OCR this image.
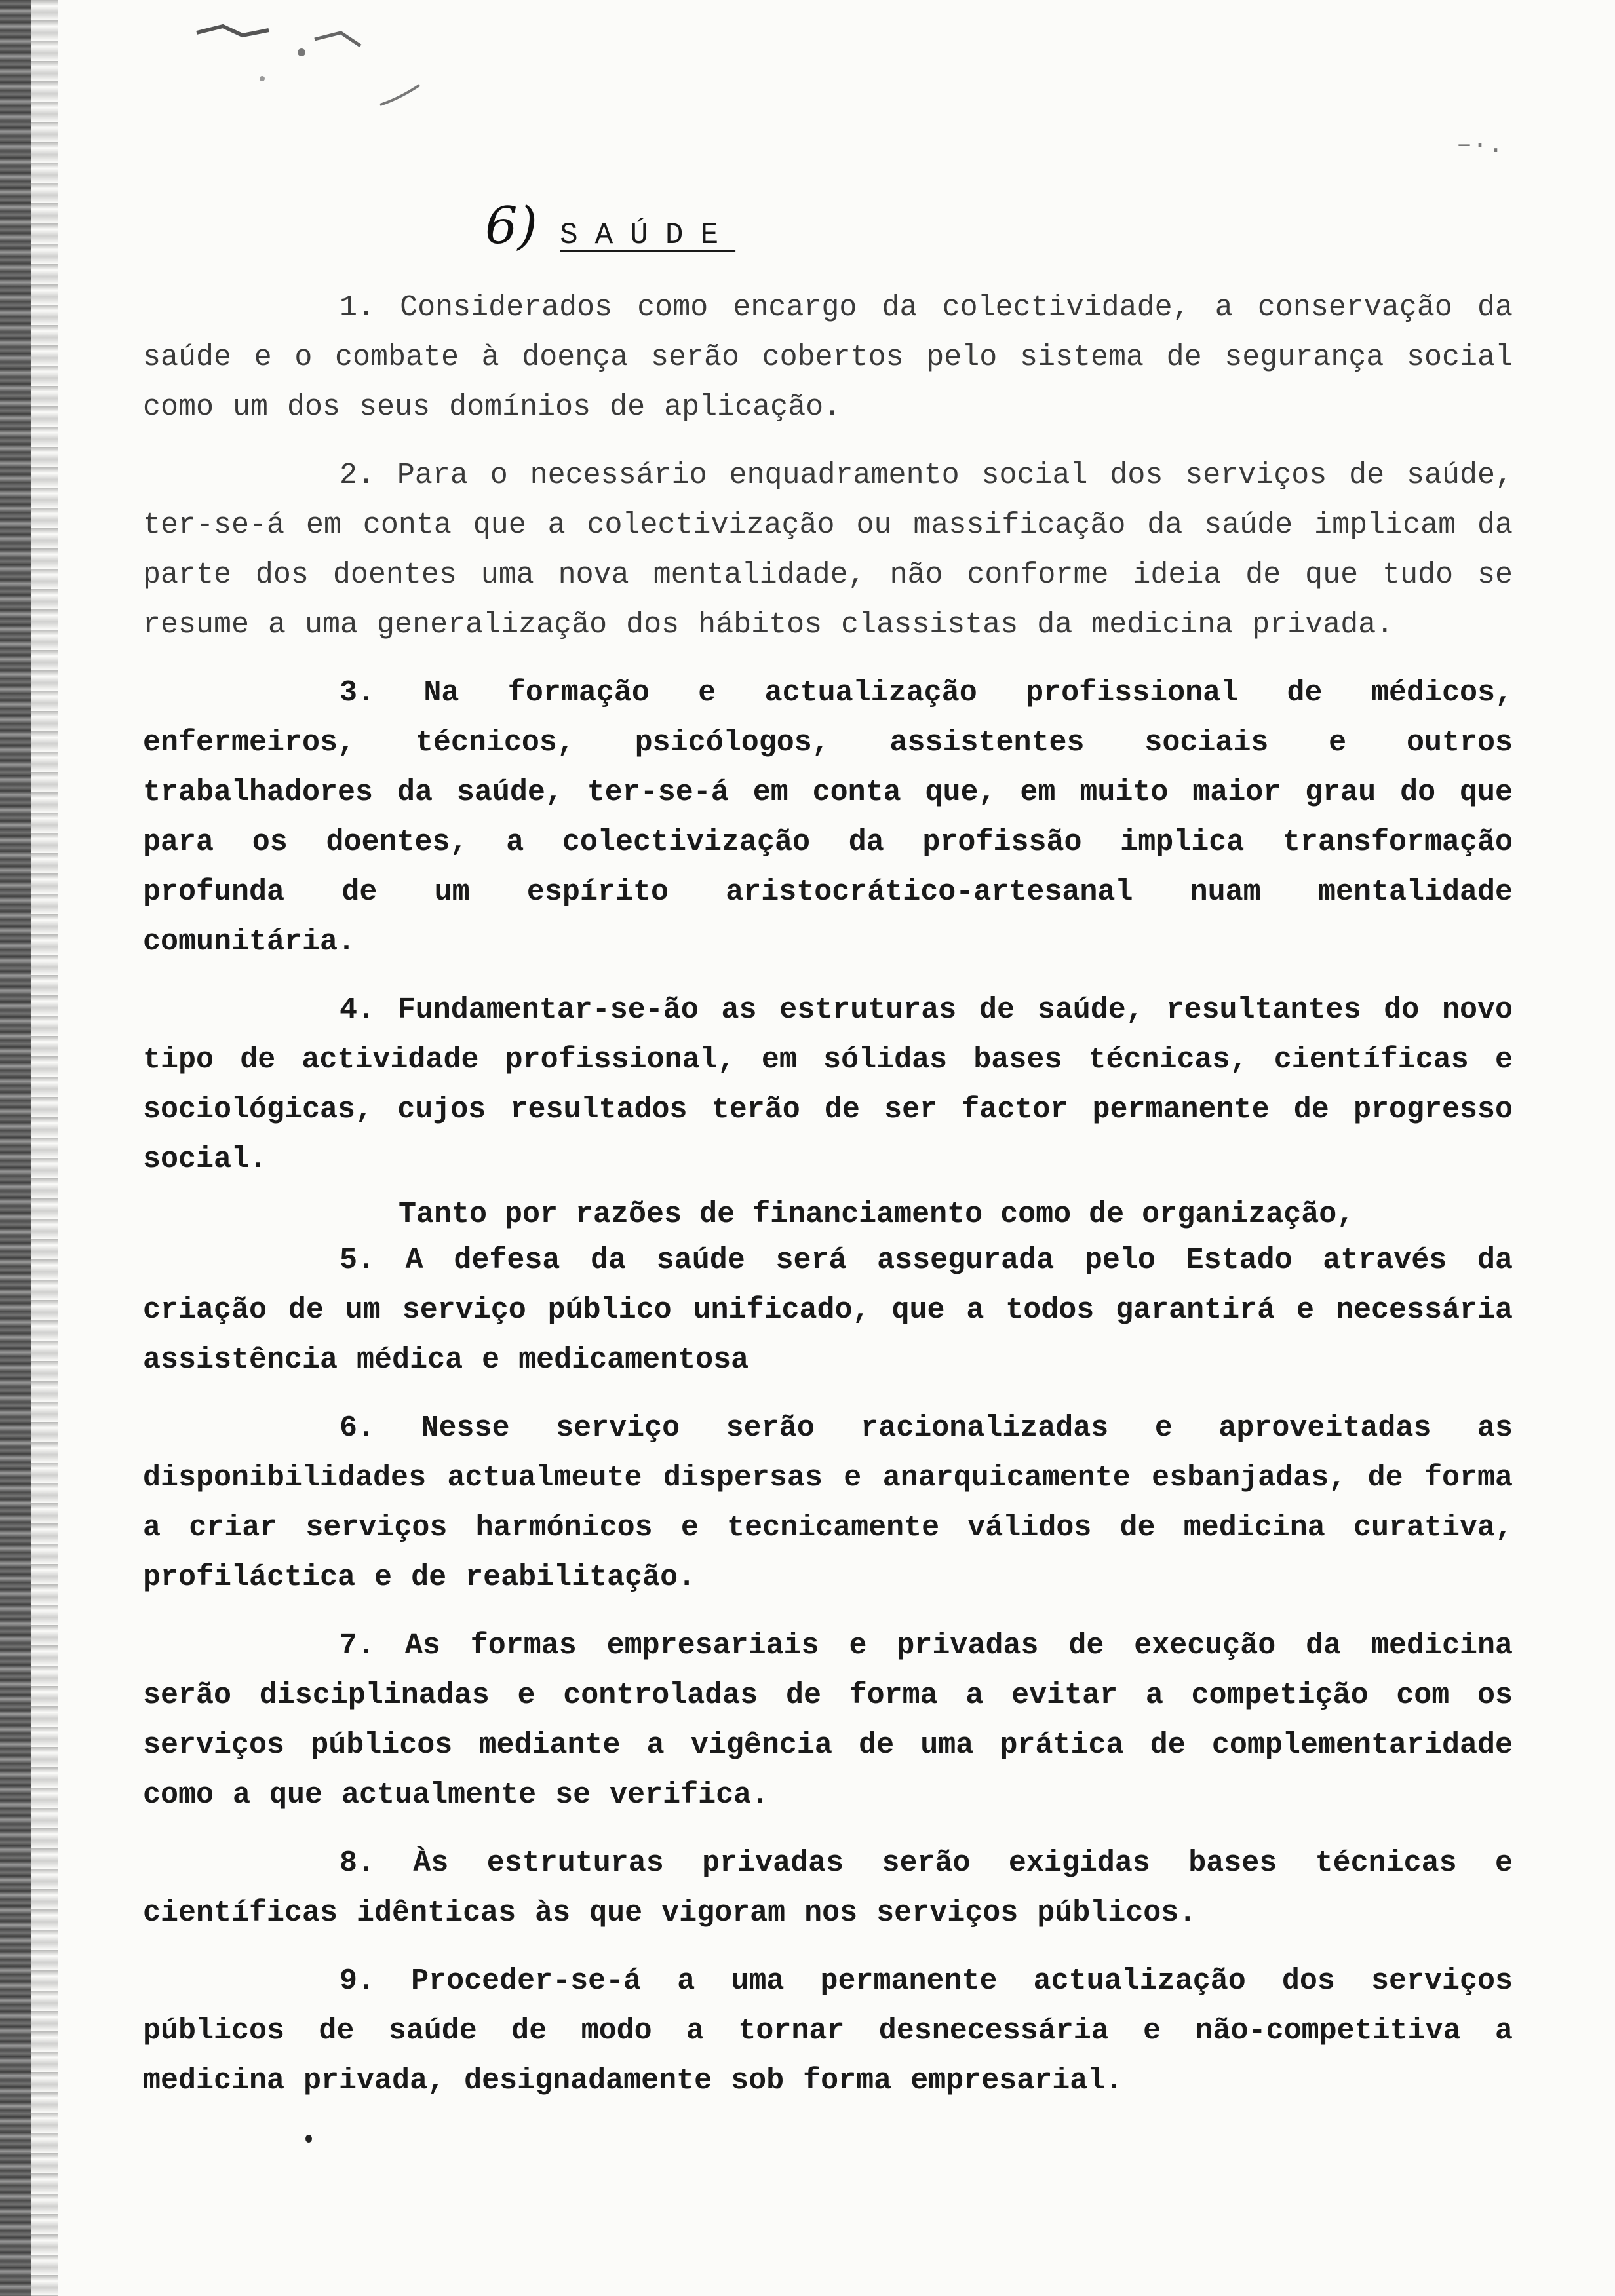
–·.
6) SAÚDE

1. Considerados como encargo da colectividade, a conservação da saúde e o combate à doença serão cobertos pelo sistema de segurança social como um dos seus domínios de aplicação.

2. Para o necessário enquadramento social dos serviços de saúde, ter-se-á em conta que a colectivização ou massificação da saúde implicam da parte dos doentes uma nova mentalidade, não conforme ideia de que tudo se resume a uma generalização dos hábitos classistas da medicina privada.

3. Na formação e actualização profissional de médicos, enfermeiros, técnicos, psicólogos, assistentes sociais e outros trabalhadores da saúde, ter-se-á em conta que, em muito maior grau do que para os doentes, a colectivização da profissão implica transformação profunda de um espírito aristocrático-artesanal nuam mentalidade comunitária.

4. Fundamentar-se-ão as estruturas de saúde, resultantes do novo tipo de actividade profissional, em sólidas bases técnicas, científicas e sociológicas, cujos resultados terão de ser factor permanente de progresso social.

Tanto por razões de financiamento como de organização,

5. A defesa da saúde será assegurada pelo Estado através da criação de um serviço público unificado, que a todos garantirá e necessária assistência médica e medicamentosa

6. Nesse serviço serão racionalizadas e aproveitadas as disponibilidades actualmeute dispersas e anarquicamente esbanjadas, de forma a criar serviços harmónicos e tecnicamente válidos de medicina curativa, profiláctica e de reabilitação.

7. As formas empresariais e privadas de execução da medicina serão disciplinadas e controladas de forma a evitar a competição com os serviços públicos mediante a vigência de uma prática de complementaridade como a que actualmente se verifica.

8. Às estruturas privadas serão exigidas bases técnicas e científicas idênticas às que vigoram nos serviços públicos.

9. Proceder-se-á a uma permanente actualização dos serviços públicos de saúde de modo a tornar desnecessária e não-competitiva a medicina privada, designadamente sob forma empresarial.
